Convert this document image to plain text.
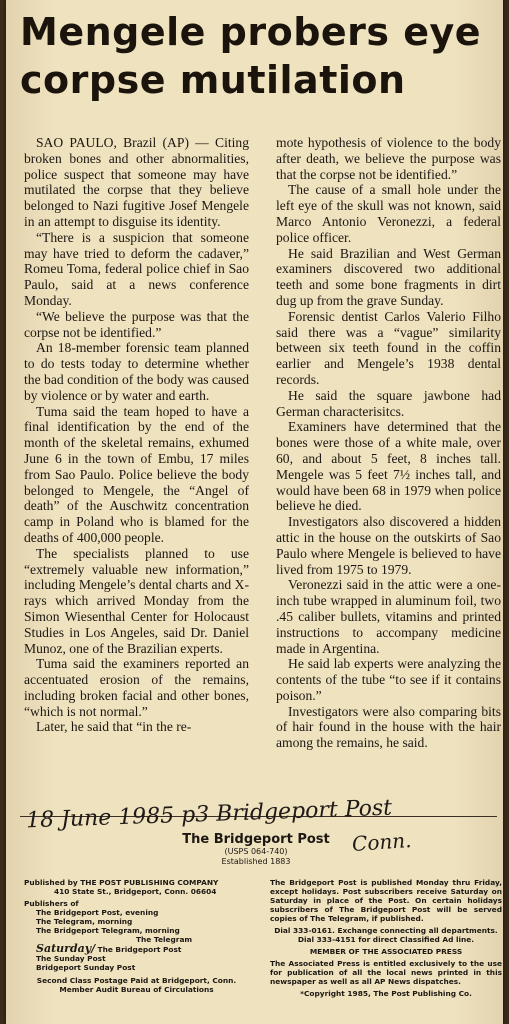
Mengele probers eye corpse mutilation

SAO PAULO, Brazil (AP) — Citing broken bones and other abnormalities, police suspect that someone may have mutilated the corpse that they believe belonged to Nazi fugitive Josef Mengele in an attempt to disguise its identity.

“There is a suspicion that someone may have tried to deform the cadaver,” Romeu Toma, federal police chief in Sao Paulo, said at a news conference Monday.

“We believe the purpose was that the corpse not be identified.”

An 18-member forensic team planned to do tests today to determine whether the bad condition of the body was caused by violence or by water and earth.

Tuma said the team hoped to have a final identification by the end of the month of the skeletal remains, exhumed June 6 in the town of Embu, 17 miles from Sao Paulo. Police believe the body belonged to Mengele, the “Angel of death” of the Auschwitz concentration camp in Poland who is blamed for the deaths of 400,000 people.

The specialists planned to use “extremely valuable new information,” including Mengele’s dental charts and X-rays which arrived Monday from the Simon Wiesenthal Center for Holocaust Studies in Los Angeles, said Dr. Daniel Munoz, one of the Brazilian experts.

Tuma said the examiners reported an accentuated erosion of the remains, including broken facial and other bones, “which is not normal.”

Later, he said that “in the re-

mote hypothesis of violence to the body after death, we believe the purpose was that the corpse not be identified.”

The cause of a small hole under the left eye of the skull was not known, said Marco Antonio Veronezzi, a federal police officer.

He said Brazilian and West German examiners discovered two additional teeth and some bone fragments in dirt dug up from the grave Sunday.

Forensic dentist Carlos Valerio Filho said there was a “vague” similarity between six teeth found in the coffin earlier and Mengele’s 1938 dental records.

He said the square jawbone had German characterisitcs.

Examiners have determined that the bones were those of a white male, over 60, and about 5 feet, 8 inches tall. Mengele was 5 feet 7½ inches tall, and would have been 68 in 1979 when police believe he died.

Investigators also discovered a hidden attic in the house on the outskirts of Sao Paulo where Mengele is believed to have lived from 1975 to 1979.

Veronezzi said in the attic were a one-inch tube wrapped in aluminum foil, two .45 caliber bullets, vitamins and printed instructions to accompany medicine made in Argentina.

He said lab experts were analyzing the contents of the tube “to see if it contains poison.”

Investigators were also comparing bits of hair found in the house with the hair among the remains, he said.

18 June 1985 p3 Bridgeport Post
Conn.
The Bridgeport Post
(USPS 064-740)
Established 1883

Published by THE POST PUBLISHING COMPANY
410 State St., Bridgeport, Conn. 06604

Publishers of
The Bridgeport Post, evening
The Telegram, morning
The Bridgeport Telegram, morning
The Telegram
Saturday/ The Bridgeport Post
The Sunday Post
Bridgeport Sunday Post

Second Class Postage Paid at Bridgeport, Conn.
Member Audit Bureau of Circulations

The Bridgeport Post is published Monday thru Friday, except holidays. Post subscribers receive Saturday on Saturday in place of the Post. On certain holidays subscribers of The Bridgeport Post will be served copies of The Telegram, if published.

Dial 333-0161. Exchange connecting all departments. Dial 333-4151 for direct Classified Ad line.

MEMBER OF THE ASSOCIATED PRESS

The Associated Press is entitled exclusively to the use for publication of all the local news printed in this newspaper as well as all AP News dispatches.

*Copyright 1985, The Post Publishing Co.
